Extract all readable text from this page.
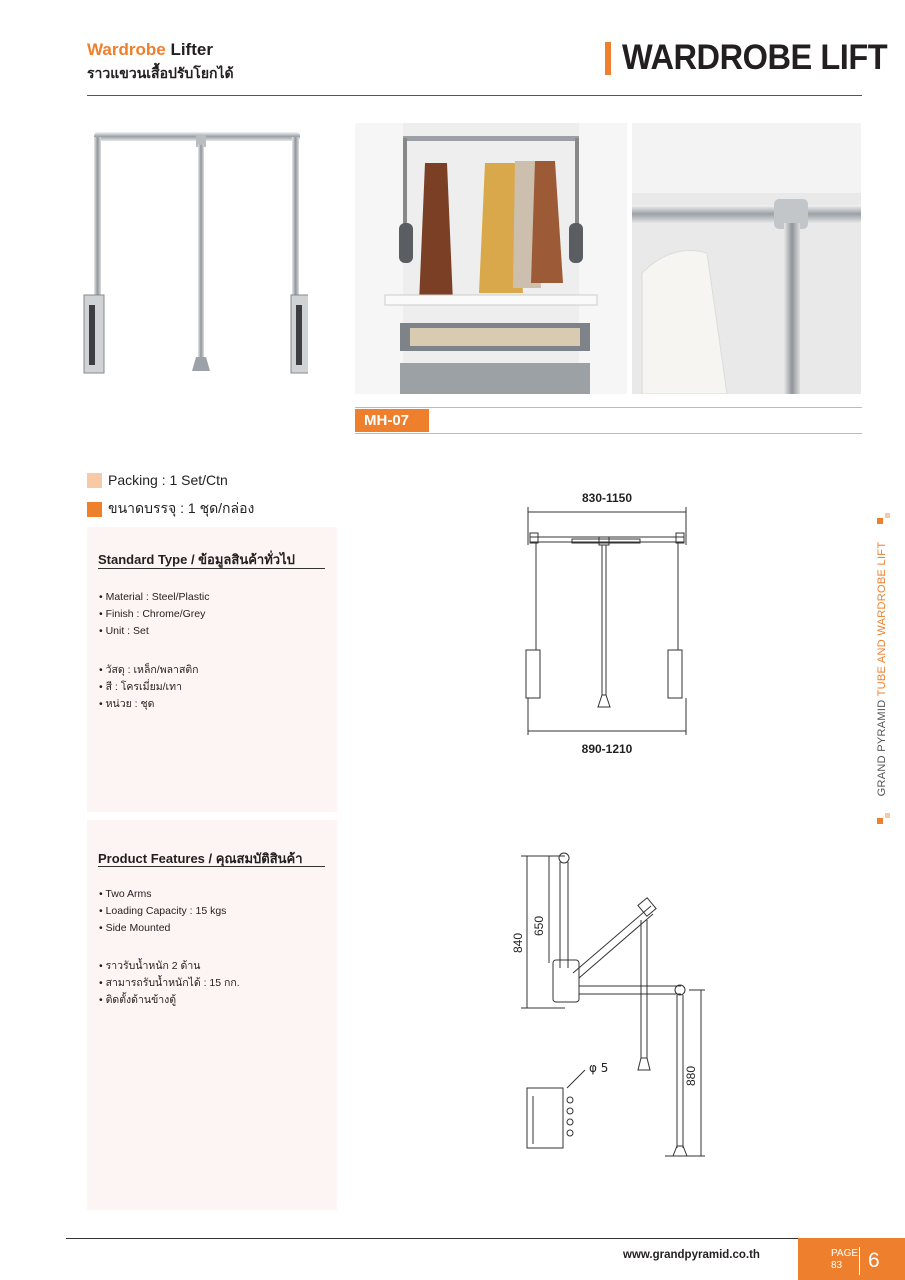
Wardrobe Lifter
ราวแขวนเสื้อปรับโยกได้	WARDROBE LIFT
MH-07
Packing : 1 Set/Ctn
ขนาดบรรจุ : 1 ชุด/กล่อง
Standard Type / ข้อมูลสินค้าทั่วไป
• Material : Steel/Plastic
• Finish : Chrome/Grey
• Unit : Set
• วัสดุ : เหล็ก/พลาสติก
• สี : โครเมี่ยม/เทา
• หน่วย : ชุด
Product Features / คุณสมบัติสินค้า
• Two Arms
• Loading Capacity : 15 kgs
• Side Mounted
• ราวรับน้ำหนัก 2 ด้าน
• สามารถรับน้ำหนักได้ : 15 กก.
• ติดตั้งด้านข้างตู้
830-1150
890-1210
840
650
880
φ 5
GRAND PYRAMID TUBE AND WARDROBE LIFT
www.grandpyramid.co.th	PAGE
83 6
